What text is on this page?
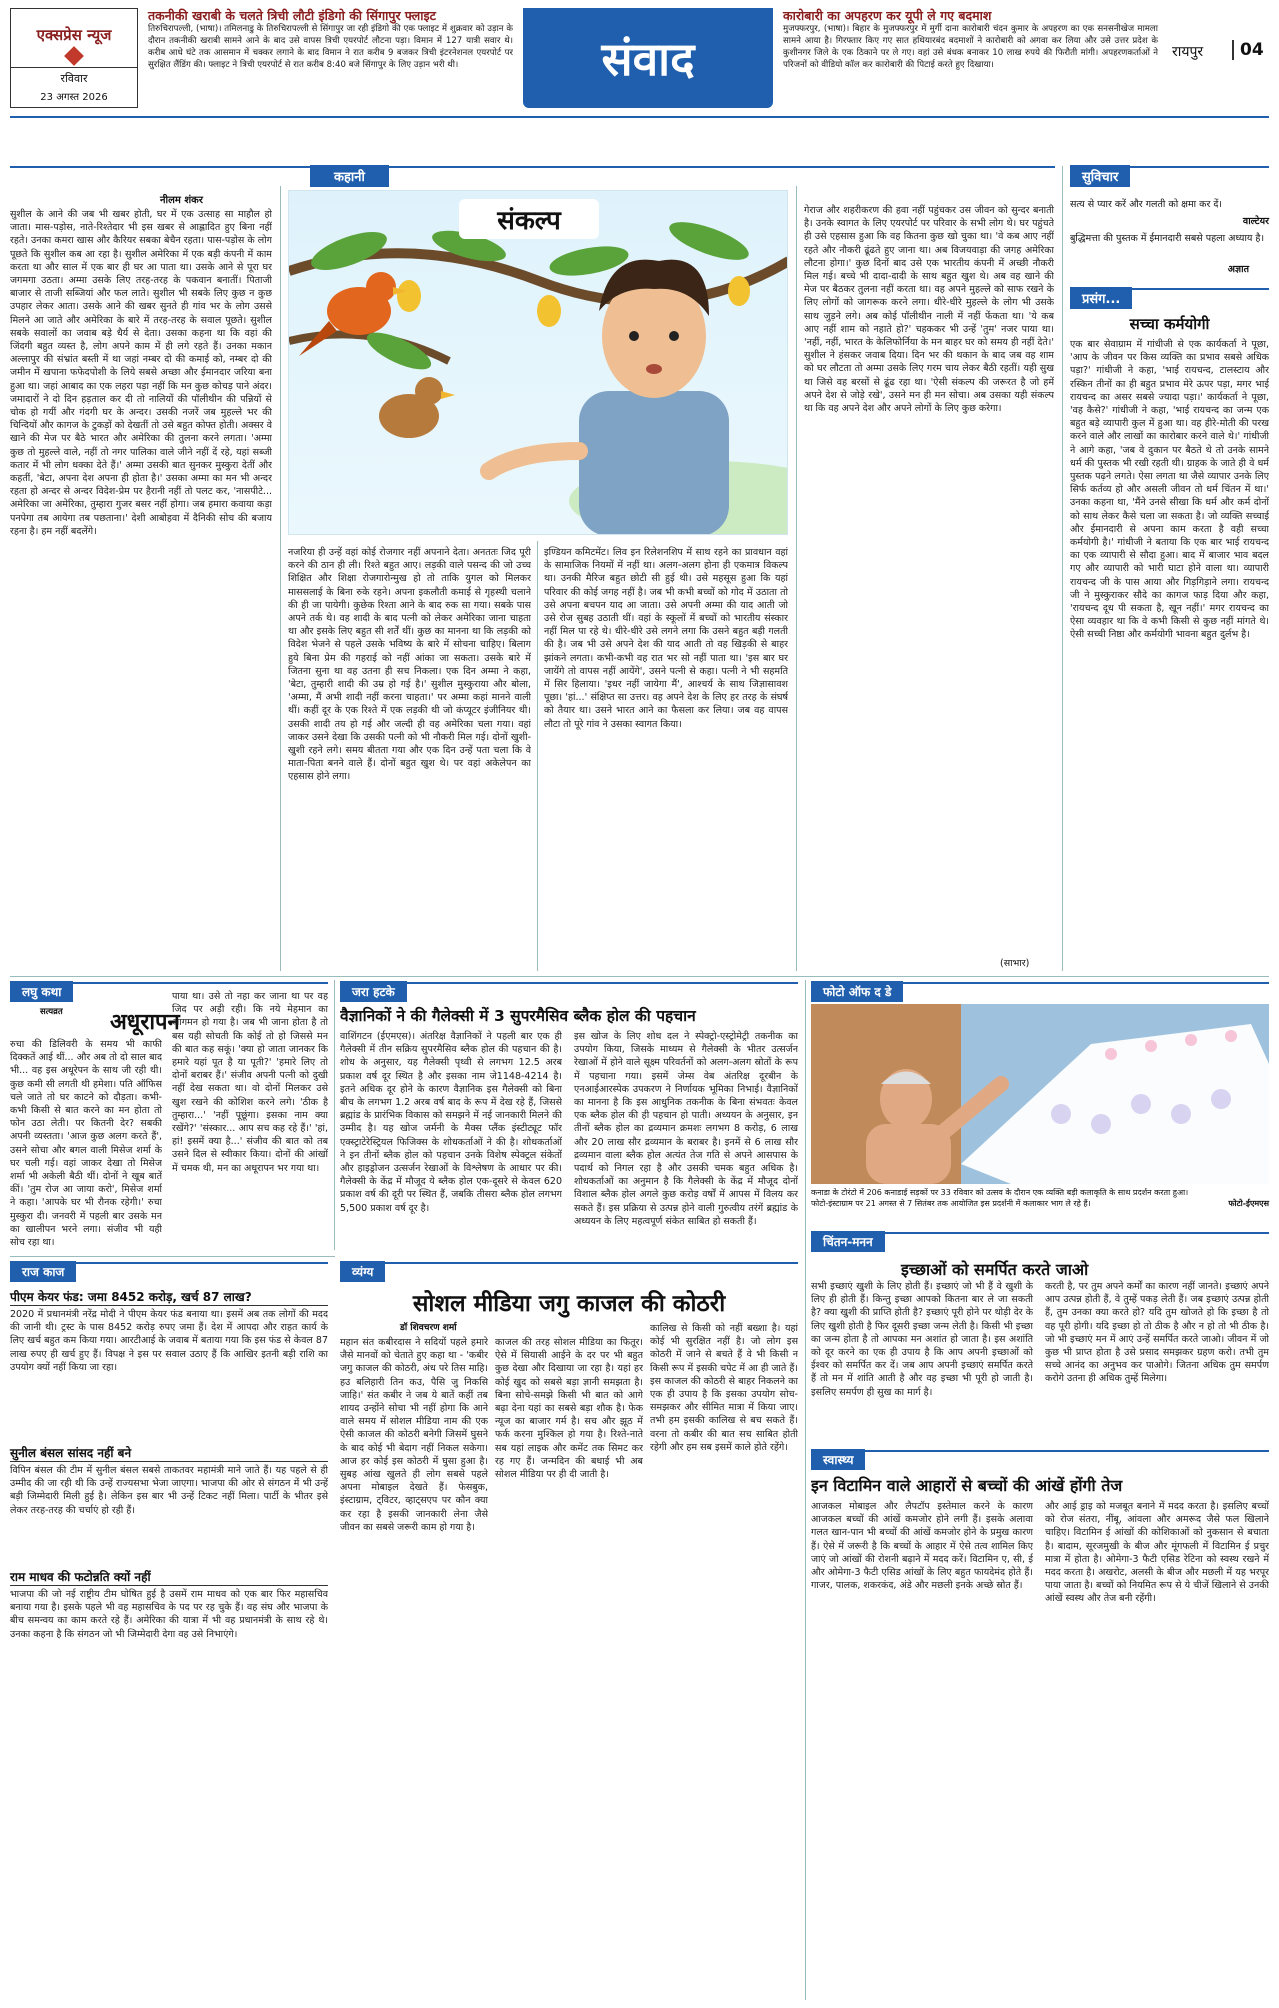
एक्सप्रेस न्यूज
रविवार
23 अगस्त 2026
तकनीकी खराबी के चलते त्रिची लौटी इंडिगो की सिंगापुर फ्लाइट
तिरुचिरापल्ली, (भाषा)। तमिलनाडु के तिरुचिरापल्ली से सिंगापुर जा रही इंडिगो की एक फ्लाइट में शुक्रवार को उड़ान के दौरान तकनीकी खराबी सामने आने के बाद उसे वापस त्रिची एयरपोर्ट लौटना पड़ा। विमान में 127 यात्री सवार थे। करीब आधे घंटे तक आसमान में चक्कर लगाने के बाद विमान ने रात करीब 9 बजकर त्रिची इंटरनेशनल एयरपोर्ट पर सुरक्षित लैंडिंग की। फ्लाइट ने त्रिची एयरपोर्ट से रात करीब 8:40 बजे सिंगापुर के लिए उड़ान भरी थी।	संवाद
कारोबारी का अपहरण कर यूपी ले गए बदमाश
मुजफ्फरपुर, (भाषा)। बिहार के मुजफ्फरपुर में मुर्गी दाना कारोबारी चंदन कुमार के अपहरण का एक सनसनीखेज मामला सामने आया है। गिरफ्तार किए गए सात हथियारबंद बदमाशों ने कारोबारी को अगवा कर लिया और उसे उत्तर प्रदेश के कुशीनगर जिले के एक ठिकाने पर ले गए। वहां उसे बंधक बनाकर 10 लाख रुपये की फिरौती मांगी। अपहरणकर्ताओं ने परिजनों को वीडियो कॉल कर कारोबारी की पिटाई करते हुए दिखाया।
रायपुर	04
कहानी
नीलम शंकर
सुशील के आने की जब भी खबर होती, घर में एक उत्साह सा माहौल हो जाता। मास-पड़ोस, नाते-रिश्तेदार भी इस खबर से आह्लादित हुए बिना नहीं रहते। उनका कमरा खास और कैरियर सबका बेचैन रहता। पास-पड़ोस के लोग पूछते कि सुशील कब आ रहा है। सुशील अमेरिका में एक बड़ी कंपनी में काम करता था और साल में एक बार ही घर आ पाता था। उसके आने से पूरा घर जगमगा उठता। अम्मा उसके लिए तरह-तरह के पकवान बनातीं। पिताजी बाजार से ताजी सब्जियां और फल लाते। सुशील भी सबके लिए कुछ न कुछ उपहार लेकर आता। उसके आने की खबर सुनते ही गांव भर के लोग उससे मिलने आ जाते और अमेरिका के बारे में तरह-तरह के सवाल पूछते। सुशील सबके सवालों का जवाब बड़े धैर्य से देता। उसका कहना था कि वहां की जिंदगी बहुत व्यस्त है, लोग अपने काम में ही लगे रहते हैं। उनका मकान अल्लापुर की संभ्रांत बस्ती में था जहां नम्बर दो की कमाई को, नम्बर दो की जमीन में खपाना फफेदपोशी के लिये सबसे अच्छा और ईमानदार जरिया बना हुआ था। जहां आबाद का एक लहरा पड़ा नहीं कि मन कुछ कोचड़ पाने अंदर। जमादारों ने दो दिन हड़ताल कर दी तो नालियों की पॉलीथीन की पन्नियों से चोक हो गयीं और गंदगी घर के अन्दर। उसकी नजरें जब मुहल्ले भर की चिन्दियों और कागज के टुकड़ों को देखतीं तो उसे बहुत कोफ्त होती। अक्सर वे खाने की मेज पर बैठे भारत और अमेरिका की तुलना करने लगता। 'अम्मा कुछ तो मुहल्ले वाले, नहीं तो नगर पालिका वाले जीने नहीं दें रहे, यहां सब्जी कतार में भी लोग धक्का देते हैं।' अम्मा उसकी बात सुनकर मुस्कुरा देतीं और कहतीं, 'बेटा, अपना देश अपना ही होता है।' उसका अम्मा का मन भी अन्दर रहता हो अन्दर से अन्दर विदेश-प्रेम पर हैरानी नहीं तो पलट कर, 'नासपीटे... अमेरिका जा अमेरिका, तुम्हारा गुजर बसर नहीं होगा। जब हमारा कवाया कड़ा पनपेगा तब आयेगा तब पछताना।' देशी आबोहवा में दैनिकी सोच की बजाय रहना है। हम नहीं बदलेंगे।
संकल्प
नजरिया ही उन्हें वहां कोई रोजगार नहीं अपनाने देता। अनततः जिद पूरी करने की ठान ही ली। रिश्ते बहुत आए। लड़की वाले पसन्द की जो उच्च शिक्षित और शिक्षा रोजगारोन्मुख हो तो ताकि युगल को मिलकर माससलाई के बिना रुके रहने। अपना इकलौती कमाई से गृहस्थी चलाने की ही जा पायेगी। कुछेक रिश्ता आने के बाद रुक सा गया। सबके पास अपने तर्क थे। वह शादी के बाद पत्नी को लेकर अमेरिका जाना चाहता था और इसके लिए बहुत सी शर्तें थीं। कुछ का मानना था कि लड़की को विदेश भेजने से पहले उसके भविष्य के बारे में सोचना चाहिए। बिलाग हुये बिना प्रेम की गहराई को नहीं आंका जा सकता। उसके बारे में जितना सुना था वह उतना ही सच निकला। एक दिन अम्मा ने कहा, 'बेटा, तुम्हारी शादी की उम्र हो गई है।' सुशील मुस्कुराया और बोला, 'अम्मा, मैं अभी शादी नहीं करना चाहता।' पर अम्मा कहां मानने वाली थीं। कहीं दूर के एक रिश्ते में एक लड़की थी जो कंप्यूटर इंजीनियर थी। उसकी शादी तय हो गई और जल्दी ही वह अमेरिका चला गया। वहां जाकर उसने देखा कि उसकी पत्नी को भी नौकरी मिल गई। दोनों खुशी-खुशी रहने लगे। समय बीतता गया और एक दिन उन्हें पता चला कि वे माता-पिता बनने वाले हैं। दोनों बहुत खुश थे। पर वहां अकेलेपन का एहसास होने लगा।
इण्डियन कमिटमेंट। लिव इन रिलेशनशिप में साथ रहने का प्रावधान वहां के सामाजिक नियमों में नहीं था। अलग-अलग होना ही एकमात्र विकल्प था। उनकी मैरिज बहुत छोटी सी हुई थी। उसे महसूस हुआ कि यहां परिवार की कोई जगह नहीं है। जब भी कभी बच्चों को गोद में उठाता तो उसे अपना बचपन याद आ जाता। उसे अपनी अम्मा की याद आती जो उसे रोज सुबह उठाती थीं। वहां के स्कूलों में बच्चों को भारतीय संस्कार नहीं मिल पा रहे थे। धीरे-धीरे उसे लगने लगा कि उसने बहुत बड़ी गलती की है। जब भी उसे अपने देश की याद आती तो वह खिड़की से बाहर झांकने लगता। कभी-कभी वह रात भर सो नहीं पाता था। 'इस बार घर जायेंगे तो वापस नहीं आयेंगे', उसने पत्नी से कहा। पत्नी ने भी सहमति में सिर हिलाया। 'इधर नहीं जायेगा मैं', आश्चर्य के साथ जिज्ञासावश पूछा। 'हां...' संक्षिप्त सा उत्तर। वह अपने देश के लिए हर तरह के संघर्ष को तैयार था। उसने भारत आने का फैसला कर लिया। जब वह वापस लौटा तो पूरे गांव ने उसका स्वागत किया।
गेराज और शहरीकरण की हवा नहीं पहुंचकर उस जीवन को सुन्दर बनाती है। उनके स्वागत के लिए एयरपोर्ट पर परिवार के सभी लोग थे। घर पहुंचते ही उसे एहसास हुआ कि वह कितना कुछ खो चुका था। 'वे कब आए नहीं रहते और नौकरी ढूंढते हुए जाना था। अब विजयवाड़ा की जगह अमेरिका लौटना होगा।' कुछ दिनों बाद उसे एक भारतीय कंपनी में अच्छी नौकरी मिल गई। बच्चे भी दादा-दादी के साथ बहुत खुश थे। अब वह खाने की मेज पर बैठकर तुलना नहीं करता था। वह अपने मुहल्ले को साफ रखने के लिए लोगों को जागरूक करने लगा। धीरे-धीरे मुहल्ले के लोग भी उसके साथ जुड़ने लगे। अब कोई पॉलीथीन नाली में नहीं फेंकता था। 'ये कब आए नहीं शाम को नहाते हो?' चहककर भी उन्हें 'तुम' नजर पाया था। 'नहीं, नहीं, भारत के केलिफोर्निया के मन बाहर घर को समय ही नहीं देते।' सुशील ने हंसकर जवाब दिया। दिन भर की थकान के बाद जब वह शाम को घर लौटता तो अम्मा उसके लिए गरम चाय लेकर बैठी रहतीं। यही सुख था जिसे वह बरसों से ढूंढ रहा था। 'ऐसी संकल्प की जरूरत है जो हमें अपने देश से जोड़े रखे', उसने मन ही मन सोचा। अब उसका यही संकल्प था कि वह अपने देश और अपने लोगों के लिए कुछ करेगा।
(साभार)
सुविचार
सत्य से प्यार करें और गलती को क्षमा कर दें।
वाल्टेयर
बुद्धिमत्ता की पुस्तक में ईमानदारी सबसे पहला अध्याय है।
अज्ञात
प्रसंग...
सच्चा कर्मयोगी
एक बार सेवाग्राम में गांधीजी से एक कार्यकर्ता ने पूछा, 'आप के जीवन पर किस व्यक्ति का प्रभाव सबसे अधिक पड़ा?' गांधीजी ने कहा, 'भाई रायचन्द, टालस्टाय और रस्किन तीनों का ही बहुत प्रभाव मेरे ऊपर पड़ा, मगर भाई रायचन्द का असर सबसे ज्यादा पड़ा।' कार्यकर्ता ने पूछा, 'वह कैसे?' गांधीजी ने कहा, 'भाई रायचन्द का जन्म एक बहुत बड़े व्यापारी कुल में हुआ था। वह हीरे-मोती की परख करने वाले और लाखों का कारोबार करने वाले थे।' गांधीजी ने आगे कहा, 'जब वे दुकान पर बैठते थे तो उनके सामने धर्म की पुस्तक भी रखी रहती थी। ग्राहक के जाते ही वे धर्म पुस्तक पढ़ने लगते। ऐसा लगता था जैसे व्यापार उनके लिए सिर्फ कर्तव्य हो और असली जीवन तो धर्म चिंतन में था।' उनका कहना था, 'मैंने उनसे सीखा कि धर्म और कर्म दोनों को साथ लेकर कैसे चला जा सकता है। जो व्यक्ति सच्चाई और ईमानदारी से अपना काम करता है वही सच्चा कर्मयोगी है।' गांधीजी ने बताया कि एक बार भाई रायचन्द का एक व्यापारी से सौदा हुआ। बाद में बाजार भाव बदल गए और व्यापारी को भारी घाटा होने वाला था। व्यापारी रायचन्द जी के पास आया और गिड़गिड़ाने लगा। रायचन्द जी ने मुस्कुराकर सौदे का कागज फाड़ दिया और कहा, 'रायचन्द दूध पी सकता है, खून नहीं।' मगर रायचन्द का ऐसा व्यवहार था कि वे कभी किसी से कुछ नहीं मांगते थे। ऐसी सच्ची निष्ठा और कर्मयोगी भावना बहुत दुर्लभ है।
लघु कथा
सत्यव्रत अधूरापन
रुचा की डिलिवरी के समय भी काफी दिक्कतें आई थीं... और अब तो दो साल बाद भी... वह इस अधूरेपन के साथ जी रही थी। कुछ कमी सी लगती थी हमेशा। पति ऑफिस चले जाते तो घर काटने को दौड़ता। कभी-कभी किसी से बात करने का मन होता तो फोन उठा लेती। पर कितनी देर? सबकी अपनी व्यस्तता। 'आज कुछ अलग करते हैं', उसने सोचा और बगल वाली मिसेज शर्मा के घर चली गई। वहां जाकर देखा तो मिसेज शर्मा भी अकेली बैठी थीं। दोनों ने खूब बातें कीं। 'तुम रोज आ जाया करो', मिसेज शर्मा ने कहा। 'आपके घर भी रौनक रहेगी।' रुचा मुस्कुरा दी। जनवरी में पहली बार उसके मन का खालीपन भरने लगा। संजीव भी यही सोच रहा था।
पाया था। उसे तो नहा कर जाना था पर वह जिद पर अड़ी रही। कि नये मेहमान का आगमन हो गया है। जब भी जाना होता है तो बस यही सोचती कि कोई तो हो जिससे मन की बात कह सकूं। 'क्या हो जाता जानकर कि हमारे यहां पूत है या पूती?' 'हमारे लिए तो दोनों बराबर हैं।' संजीव अपनी पत्नी को दुखी नहीं देख सकता था। वो दोनों मिलकर उसे खुश रखने की कोशिश करने लगे। 'ठीक है तुम्हारा...' 'नहीं पूछूंगा। इसका नाम क्या रखेंगे?' 'संस्कार... आप सच कह रहे हैं।' 'हां, हां! इसमें क्या है...' संजीव की बात को तब उसने दिल से स्वीकार किया। दोनों की आंखों में चमक थी, मन का अधूरापन भर गया था।
जरा हटके
वैज्ञानिकों ने की गैलेक्सी में 3 सुपरमैसिव ब्लैक होल की पहचान
वाशिंगटन (ईएमएस)। अंतरिक्ष वैज्ञानिकों ने पहली बार एक ही गैलेक्सी में तीन सक्रिय सुपरमैसिव ब्लैक होल की पहचान की है। शोध के अनुसार, यह गैलेक्सी पृथ्वी से लगभग 12.5 अरब प्रकाश वर्ष दूर स्थित है और इसका नाम जे1148-4214 है। इतने अधिक दूर होने के कारण वैज्ञानिक इस गैलेक्सी को बिना बीच के लगभग 1.2 अरब वर्ष बाद के रूप में देख रहे हैं, जिससे ब्रह्मांड के प्रारंभिक विकास को समझने में नई जानकारी मिलने की उम्मीद है। यह खोज जर्मनी के मैक्स प्लैंक इंस्टीट्यूट फॉर एक्स्ट्राटेरेस्ट्रियल फिजिक्स के शोधकर्ताओं ने की है। शोधकर्ताओं ने इन तीनों ब्लैक होल को पहचान उनके विशेष स्पेक्ट्रल संकेतों और हाइड्रोजन उत्सर्जन रेखाओं के विश्लेषण के आधार पर की। गैलेक्सी के केंद्र में मौजूद ये ब्लैक होल एक-दूसरे से केवल 620 प्रकाश वर्ष की दूरी पर स्थित हैं, जबकि तीसरा ब्लैक होल लगभग 5,500 प्रकाश वर्ष दूर है।
इस खोज के लिए शोध दल ने स्पेक्ट्रो-एस्ट्रोमेट्री तकनीक का उपयोग किया, जिसके माध्यम से गैलेक्सी के भीतर उत्सर्जन रेखाओं में होने वाले सूक्ष्म परिवर्तनों को अलग-अलग स्रोतों के रूप में पहचाना गया। इसमें जेम्स वेब अंतरिक्ष दूरबीन के एनआईआरस्पेक उपकरण ने निर्णायक भूमिका निभाई। वैज्ञानिकों का मानना है कि इस आधुनिक तकनीक के बिना संभवतः केवल एक ब्लैक होल की ही पहचान हो पाती। अध्ययन के अनुसार, इन तीनों ब्लैक होल का द्रव्यमान क्रमशः लगभग 8 करोड़, 6 लाख और 20 लाख सौर द्रव्यमान के बराबर है। इनमें से 6 लाख सौर द्रव्यमान वाला ब्लैक होल अत्यंत तेज गति से अपने आसपास के पदार्थ को निगल रहा है और उसकी चमक बहुत अधिक है। शोधकर्ताओं का अनुमान है कि गैलेक्सी के केंद्र में मौजूद दोनों विशाल ब्लैक होल अगले कुछ करोड़ वर्षों में आपस में विलय कर सकते हैं। इस प्रक्रिया से उत्पन्न होने वाली गुरुत्वीय तरंगें ब्रह्मांड के अध्ययन के लिए महत्वपूर्ण संकेत साबित हो सकती हैं।
फोटो ऑफ द डे
कनाडा के टोरंटो में 206 कनाडाई सड़कों पर 33 रविवार को उत्सव के दौरान एक व्यक्ति बड़ी कलाकृति के साथ प्रदर्शन करता हुआ। फोटो-इंस्टाग्राम पर 21 अगस्त से 7 सितंबर तक आयोजित इस प्रदर्शनी में कलाकार भाग ले रहे हैं।	फोटो-ईएमएस
चिंतन-मनन
इच्छाओं को समर्पित करते जाओ
सभी इच्छाएं खुशी के लिए होती हैं। इच्छाएं जो भी हैं वे खुशी के लिए ही होती हैं। किन्तु इच्छा आपको कितना बार ले जा सकती है? क्या खुशी की प्राप्ति होती है? इच्छाएं पूरी होने पर थोड़ी देर के लिए खुशी होती है फिर दूसरी इच्छा जन्म लेती है। किसी भी इच्छा का जन्म होता है तो आपका मन अशांत हो जाता है। इस अशांति को दूर करने का एक ही उपाय है कि आप अपनी इच्छाओं को ईश्वर को समर्पित कर दें। जब आप अपनी इच्छाएं समर्पित करते हैं तो मन में शांति आती है और वह इच्छा भी पूरी हो जाती है। इसलिए समर्पण ही सुख का मार्ग है।
करती है, पर तुम अपने कर्मों का कारण नहीं जानते। इच्छाएं अपने आप उत्पन्न होती हैं, वे तुम्हें पकड़ लेती हैं। जब इच्छाएं उत्पन्न होती हैं, तुम उनका क्या करते हो? यदि तुम खोजते हो कि इच्छा है तो वह पूरी होगी। यदि इच्छा हो तो ठीक है और न हो तो भी ठीक है। जो भी इच्छाएं मन में आएं उन्हें समर्पित करते जाओ। जीवन में जो कुछ भी प्राप्त होता है उसे प्रसाद समझकर ग्रहण करो। तभी तुम सच्चे आनंद का अनुभव कर पाओगे। जितना अधिक तुम समर्पण करोगे उतना ही अधिक तुम्हें मिलेगा।
राज काज
पीएम केयर फंड: जमा 8452 करोड़, खर्च 87 लाख?
2020 में प्रधानमंत्री नरेंद्र मोदी ने पीएम केयर फंड बनाया था। इसमें अब तक लोगों की मदद की जानी थी। ट्रस्ट के पास 8452 करोड़ रुपए जमा हैं। देश में आपदा और राहत कार्य के लिए खर्च बहुत कम किया गया। आरटीआई के जवाब में बताया गया कि इस फंड से केवल 87 लाख रुपए ही खर्च हुए हैं। विपक्ष ने इस पर सवाल उठाए हैं कि आखिर इतनी बड़ी राशि का उपयोग क्यों नहीं किया जा रहा।
सुनील बंसल सांसद नहीं बने
विपिन बंसल की टीम में सुनील बंसल सबसे ताकतवर महामंत्री माने जाते हैं। यह पहले से ही उम्मीद की जा रही थी कि उन्हें राज्यसभा भेजा जाएगा। भाजपा की ओर से संगठन में भी उन्हें बड़ी जिम्मेदारी मिली हुई है। लेकिन इस बार भी उन्हें टिकट नहीं मिला। पार्टी के भीतर इसे लेकर तरह-तरह की चर्चाएं हो रही हैं।
राम माधव की फटोन्नति क्यों नहीं
भाजपा की जो नई राष्ट्रीय टीम घोषित हुई है उसमें राम माधव को एक बार फिर महासचिव बनाया गया है। इसके पहले भी वह महासचिव के पद पर रह चुके हैं। वह संघ और भाजपा के बीच समन्वय का काम करते रहे हैं। अमेरिका की यात्रा में भी वह प्रधानमंत्री के साथ रहे थे। उनका कहना है कि संगठन जो भी जिम्मेदारी देगा वह उसे निभाएंगे।
व्यंग्य
सोशल मीडिया जगु काजल की कोठरी
डॉ शिवचरण शर्मा
महान संत कबीरदास ने सदियों पहले हमारे जैसे मानवों को चेताते हुए कहा था - 'कबीर जगु काजल की कोठरी, अंध परे तिस माहि। हउ बलिहारी तिन कउ, पैसि जु निकसि जाहि।' संत कबीर ने जब ये बातें कहीं तब शायद उन्होंने सोचा भी नहीं होगा कि आने वाले समय में सोशल मीडिया नाम की एक ऐसी काजल की कोठरी बनेगी जिसमें घुसने के बाद कोई भी बेदाग नहीं निकल सकेगा। आज हर कोई इस कोठरी में घुसा हुआ है। सुबह आंख खुलते ही लोग सबसे पहले अपना मोबाइल देखते हैं। फेसबुक, इंस्टाग्राम, ट्विटर, व्हाट्सएप पर कौन क्या कर रहा है इसकी जानकारी लेना जैसे जीवन का सबसे जरूरी काम हो गया है।
काजल की तरह सोशल मीडिया का फितूर। ऐसे में सियासी आईने के दर पर भी बहुत कुछ देखा और दिखाया जा रहा है। यहां हर कोई खुद को सबसे बड़ा ज्ञानी समझता है। बिना सोचे-समझे किसी भी बात को आगे बढ़ा देना यहां का सबसे बड़ा शौक है। फेक न्यूज का बाजार गर्म है। सच और झूठ में फर्क करना मुश्किल हो गया है। रिश्ते-नाते सब यहां लाइक और कमेंट तक सिमट कर रह गए हैं। जन्मदिन की बधाई भी अब सोशल मीडिया पर ही दी जाती है।
कालिख से किसी को नहीं बख्शा है। यहां कोई भी सुरक्षित नहीं है। जो लोग इस कोठरी में जाने से बचते हैं वे भी किसी न किसी रूप में इसकी चपेट में आ ही जाते हैं। इस काजल की कोठरी से बाहर निकलने का एक ही उपाय है कि इसका उपयोग सोच-समझकर और सीमित मात्रा में किया जाए। तभी हम इसकी कालिख से बच सकते हैं। वरना तो कबीर की बात सच साबित होती रहेगी और हम सब इसमें काले होते रहेंगे।
स्वास्थ्य
इन विटामिन वाले आहारों से बच्चों की आंखें होंगी तेज
आजकल मोबाइल और लैपटॉप इस्तेमाल करने के कारण आजकल बच्चों की आंखें कमजोर होने लगी हैं। इसके अलावा गलत खान-पान भी बच्चों की आंखें कमजोर होने के प्रमुख कारण हैं। ऐसे में जरूरी है कि बच्चों के आहार में ऐसे तत्व शामिल किए जाएं जो आंखों की रोशनी बढ़ाने में मदद करें। विटामिन ए, सी, ई और ओमेगा-3 फैटी एसिड आंखों के लिए बहुत फायदेमंद होते हैं। गाजर, पालक, शकरकंद, अंडे और मछली इनके अच्छे स्रोत हैं।
और आई ड्राइ को मजबूत बनाने में मदद करता है। इसलिए बच्चों को रोज संतरा, नींबू, आंवला और अमरूद जैसे फल खिलाने चाहिए। विटामिन ई आंखों की कोशिकाओं को नुकसान से बचाता है। बादाम, सूरजमुखी के बीज और मूंगफली में विटामिन ई प्रचुर मात्रा में होता है। ओमेगा-3 फैटी एसिड रेटिना को स्वस्थ रखने में मदद करता है। अखरोट, अलसी के बीज और मछली में यह भरपूर पाया जाता है। बच्चों को नियमित रूप से ये चीजें खिलाने से उनकी आंखें स्वस्थ और तेज बनी रहेंगी।
